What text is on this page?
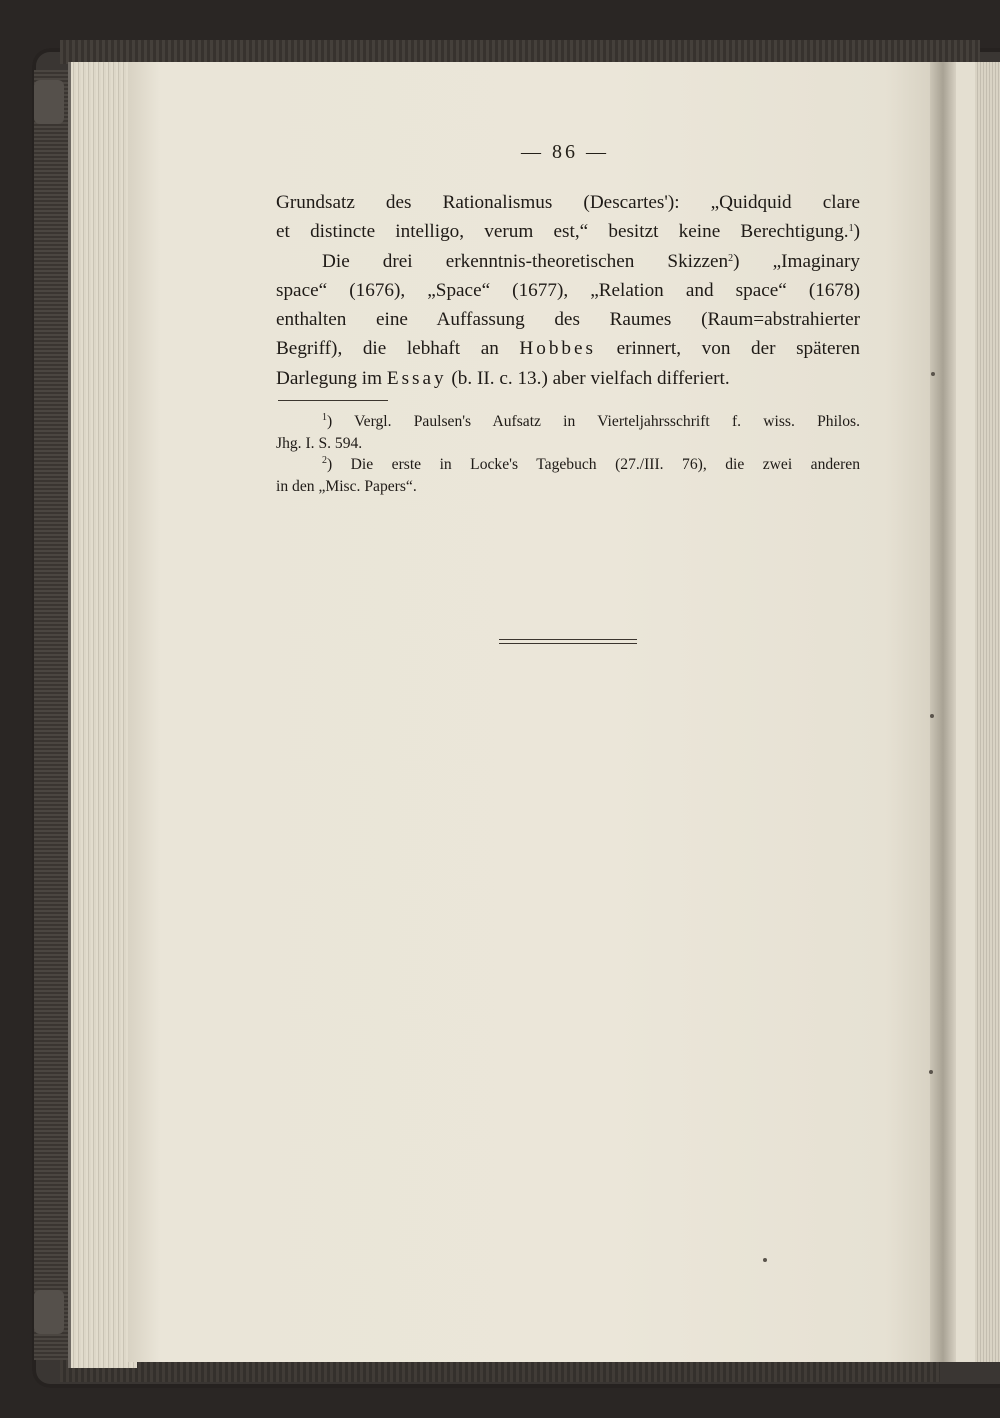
— 86 —
Grundsatz des Rationalismus (Descartes'): „Quidquid clare
et distincte intelligo, verum est,“ besitzt keine Berechtigung.$^1$)
Die drei erkenntnis-theoretischen Skizzen$^2$) „Imaginary
space“ (1676), „Space“ (1677), „Relation and space“ (1678)
enthalten eine Auffassung des Raumes (Raum=abstrahierter
Begriff), die lebhaft an Hobbes erinnert, von der späteren
Darlegung im Essay (b. II. c. 13.) aber vielfach differiert.
$^1$) Vergl. Paulsen's Aufsatz in Vierteljahrsschrift f. wiss. Philos.
Jhg. I. S. 594.
$^2$) Die erste in Locke's Tagebuch (27./III. 76), die zwei anderen
in den „Misc. Papers“.
